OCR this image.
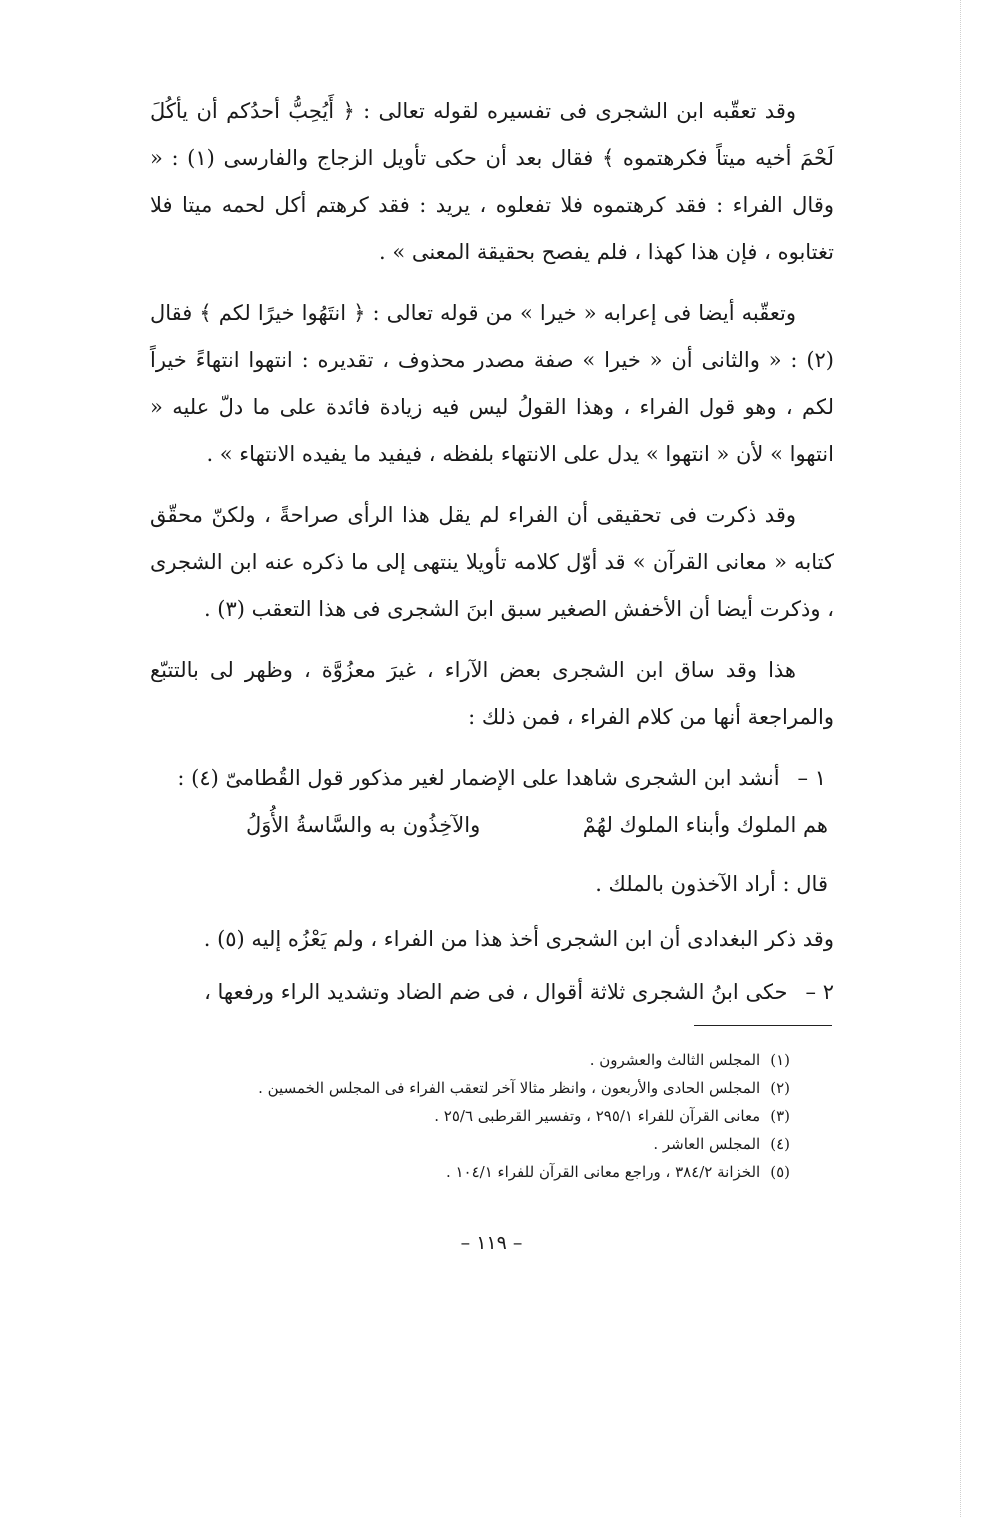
وقد تعقّبه ابن الشجرى فى تفسيره لقوله تعالى : ﴿ أَيُحِبُّ أحدُكم أن يأكُلَ لَحْمَ أخيه ميتاً فكرهتموه ﴾ فقال بعد أن حكى تأويل الزجاج والفارسى (١) : « وقال الفراء : فقد كرهتموه فلا تفعلوه ، يريد : فقد كرهتم أكل لحمه ميتا فلا تغتابوه ، فإن هذا كهذا ، فلم يفصح بحقيقة المعنى » .

وتعقّبه أيضا فى إعرابه « خيرا » من قوله تعالى : ﴿ انتَهُوا خيرًا لكم ﴾ فقال (٢) : « والثانى أن « خيرا » صفة مصدر محذوف ، تقديره : انتهوا انتهاءً خيراً لكم ، وهو قول الفراء ، وهذا القولُ ليس فيه زيادة فائدة على ما دلّ عليه « انتهوا » لأن « انتهوا » يدل على الانتهاء بلفظه ، فيفيد ما يفيده الانتهاء » .

وقد ذكرت فى تحقيقى أن الفراء لم يقل هذا الرأى صراحةً ، ولكنّ محقّق كتابه « معانى القرآن » قد أوّل كلامه تأويلا ينتهى إلى ما ذكره عنه ابن الشجرى ، وذكرت أيضا أن الأخفش الصغير سبق ابنَ الشجرى فى هذا التعقب (٣) .

هذا وقد ساق ابن الشجرى بعض الآراء ، غيرَ معزُوَّة ، وظهر لى بالتتبّع والمراجعة أنها من كلام الفراء ، فمن ذلك :

١ –أنشد ابن الشجرى شاهدا على الإضمار لغير مذكور قول القُطامىّ (٤) :

هم الملوك وأبناء الملوك لهُمْ
والآخِذُون به والسَّاسةُ الأُوَلُ

قال : أراد الآخذون بالملك .

وقد ذكر البغدادى أن ابن الشجرى أخذ هذا من الفراء ، ولم يَعْزُه إليه (٥) .

٢ –حكى ابنُ الشجرى ثلاثة أقوال ، فى ضم الضاد وتشديد الراء ورفعها ،

(١)المجلس الثالث والعشرون .

(٢)المجلس الحادى والأربعون ، وانظر مثالا آخر لتعقب الفراء فى المجلس الخمسين .

(٣)معانى القرآن للفراء ٢٩٥/١ ، وتفسير القرطبى ٢٥/٦ .

(٤)المجلس العاشر .

(٥)الخزانة ٣٨٤/٢ ، وراجع معانى القرآن للفراء ١٠٤/١ .

– ١١٩ –
